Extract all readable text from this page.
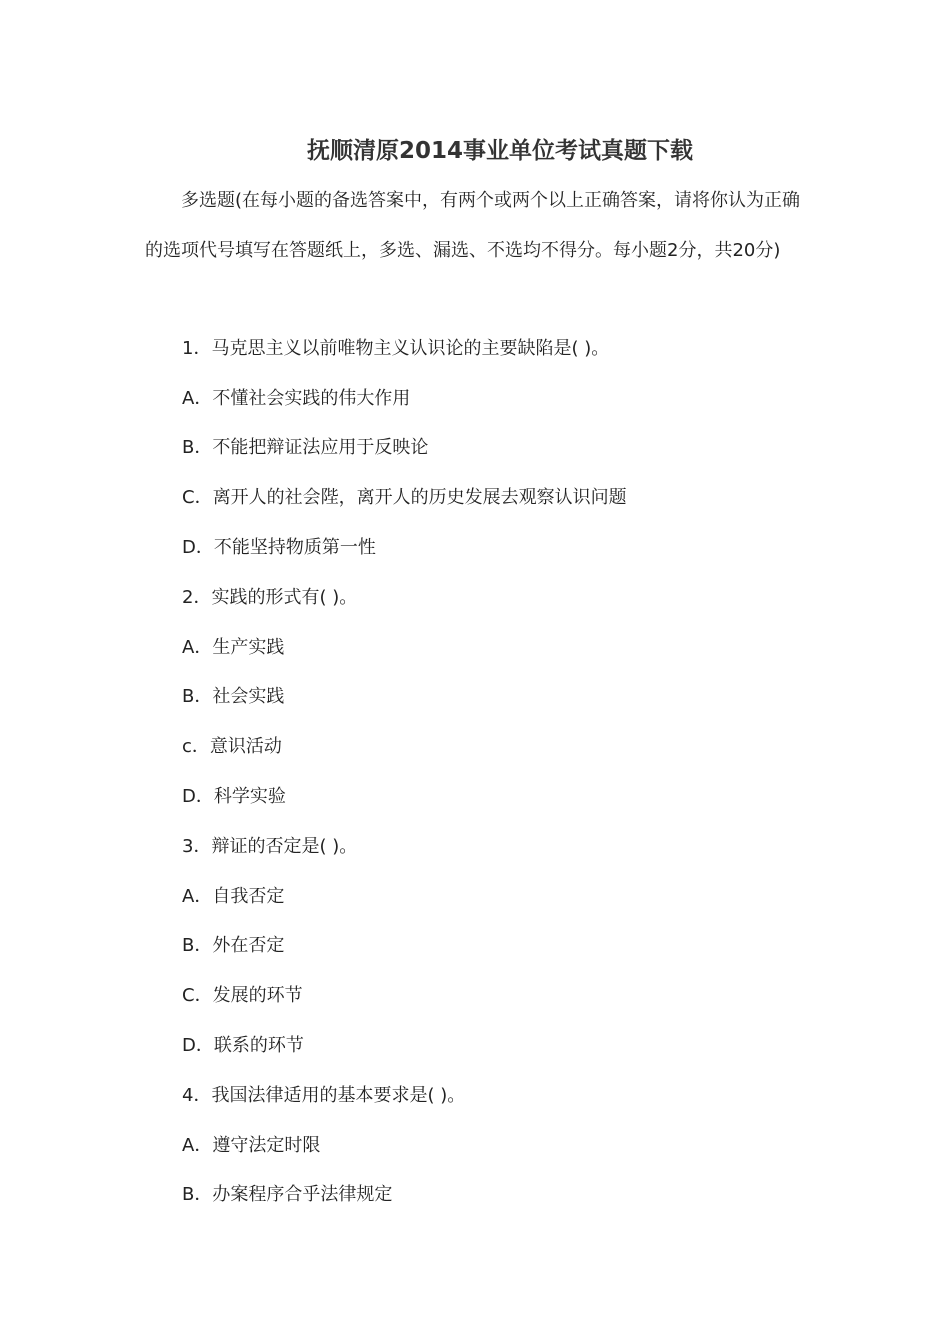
抚顺清原2014事业单位考试真题下载

多选题(在每小题的备选答案中，有两个或两个以上正确答案，请将你认为正确的选项代号填写在答题纸上，多选、漏选、不选均不得分。每小题2分，共20分)

1．马克思主义以前唯物主义认识论的主要缺陷是( )。

A．不懂社会实践的伟大作用

B．不能把辩证法应用于反映论

C．离开人的社会陛，离开人的历史发展去观察认识问题

D．不能坚持物质第一性

2．实践的形式有( )。

A．生产实践

B．社会实践

c．意识活动

D．科学实验

3．辩证的否定是( )。

A．自我否定

B．外在否定

C．发展的环节

D．联系的环节

4．我国法律适用的基本要求是( )。

A．遵守法定时限

B．办案程序合乎法律规定
